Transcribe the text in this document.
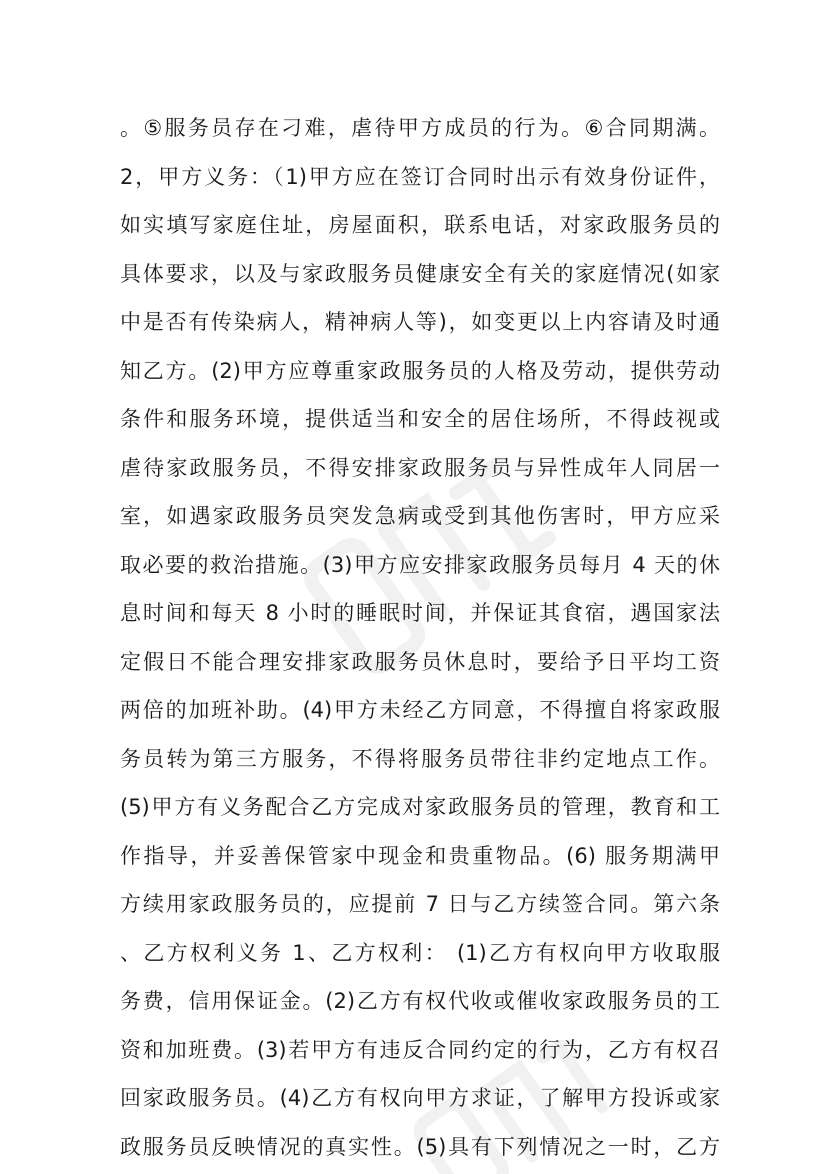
。⑤服务员存在刁难，虐待甲方成员的行为。⑥合同期满。
2，甲方义务：（1)甲方应在签订合同时出示有效身份证件，
如实填写家庭住址，房屋面积，联系电话，对家政服务员的
具体要求，以及与家政服务员健康安全有关的家庭情况(如家
中是否有传染病人，精神病人等)，如变更以上内容请及时通
知乙方。(2)甲方应尊重家政服务员的人格及劳动，提供劳动
条件和服务环境，提供适当和安全的居住场所，不得歧视或
虐待家政服务员，不得安排家政服务员与异性成年人同居一
室，如遇家政服务员突发急病或受到其他伤害时，甲方应采
取必要的救治措施。(3)甲方应安排家政服务员每月 4 天的休
息时间和每天 8 小时的睡眠时间，并保证其食宿，遇国家法
定假日不能合理安排家政服务员休息时，要给予日平均工资
两倍的加班补助。(4)甲方未经乙方同意，不得擅自将家政服
务员转为第三方服务，不得将服务员带往非约定地点工作。
(5)甲方有义务配合乙方完成对家政服务员的管理，教育和工
作指导，并妥善保管家中现金和贵重物品。(6) 服务期满甲
方续用家政服务员的，应提前 7 日与乙方续签合同。第六条
、乙方权利义务 1、乙方权利： (1)乙方有权向甲方收取服
务费，信用保证金。(2)乙方有权代收或催收家政服务员的工
资和加班费。(3)若甲方有违反合同约定的行为，乙方有权召
回家政服务员。(4)乙方有权向甲方求证，了解甲方投诉或家
政服务员反映情况的真实性。(5)具有下列情况之一时，乙方
